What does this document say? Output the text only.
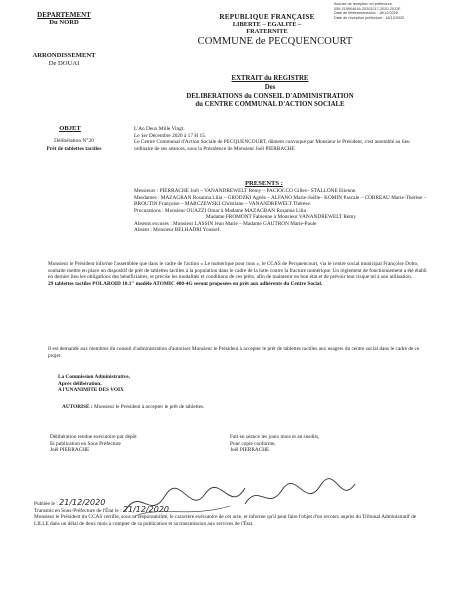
Accusé de réception en préfecture
059-215904616-20201217-2020-20-DE
Date de télétransmission : 18/12/2020
Date de réception préfecture : 18/12/2020
DEPARTEMENT
Du NORD
ARRONDISSEMENT
De DOUAI
REPUBLIQUE FRANÇAISE
LIBERTE – EGALITE – FRATERNITE
COMMUNE de PECQUENCOURT
EXTRAIT du REGISTRE
Des
DELIBERATIONS du CONSEIL D'ADMINISTRATION
du CENTRE COMMUNAL D'ACTION SOCIALE
OBJET
Délibération N°20
Prêt de tablettes tactiles
L'An Deux Mille Vingt.
Le 1er Décembre 2020 à 17 H 15.
Le Centre Communal d'Action Sociale de PECQUENCOURT, dûment convoqué par Monsieur le Président, s'est assemblé au lieu ordinaire de ses séances, sous la Présidence de Monsieur Joël PIERRACHE
PRESENTS :
Messieurs : PIERRACHE Joël – VANANDREWELT Rémy – PACIOCCO Gilles– STALLONE Etienne.
Mesdames : MAZAGRAN Rosanna Lilia – GRODZKI Agnès – ALFANO Marie-Joëlle– KOMIN Pascale – CORREAU Marie-Thérèse – BROUTIN Françoise – MARCZEWSKI Christiane – VANANDREWELT Thérèse.
Procurations : Monsieur OUAZZI Omar à Madame MAZAGRAN Rosanna Lilia
Madame FROMONT Fabienne à Monsieur VANANDREWELT Rémy
Absents excusés : Monsieur LASSIN Jean Marie – Madame GAUTRON Marie-Paule
Absent : Monsieur BELHADRI Youssef.
Monsieur le Président informe l'assemblée que dans le cadre de l'action « Le numérique pour tous », le CCAS de Pecquencourt, via le centre social municipal Françoise Dolto, souhaite mettre en place un dispositif de prêt de tablettes tactiles à la population dans le cadre de la lutte contre la fracture numérique. Un règlement de fonctionnement a été établi en dernier lieu les obligations des bénéficiaires, et précise les modalités et conditions de ces prêts, afin de maintenir en bon état et de prévoir leur risque tel à son utilisation.
29 tablettes tactiles POLAROID 10.1'' modèle ATOMIC 400-4G seront proposées en prêt aux adhérents du Centre Social.
Il est demandé aux membres du conseil d'administration d'autoriser Monsieur le Président à accepter le prêt de tablettes tactiles aux usagers du centre social dans le cadre de ce projet.
La Commission Administrative,
Après délibération,
A l'UNANIMITE DES VOIX
AUTORISE : Monsieur le Président à accepter le prêt de tablettes.
Délibération rendue exécutoire par dépôt
Et publication en Sous Préfecture
Joël PIERRACHE
Fait en séance les jours mois et an susdits,
Pour copie conforme,
Joël PIERRACHE
Publiée le : 21/12/2020
Transmis en Sous-Préfecture de l'État le : 21/12/2020
Monsieur le Président du CCAS certifie, sous sa responsabilité, le caractère exécutoire de cet acte, et informe qu'il peut faire l'objet d'un recours auprès du Tribunal Administratif de LILLE dans un délai de deux mois à compter de sa publication et sa transmission aux services de l'État.
